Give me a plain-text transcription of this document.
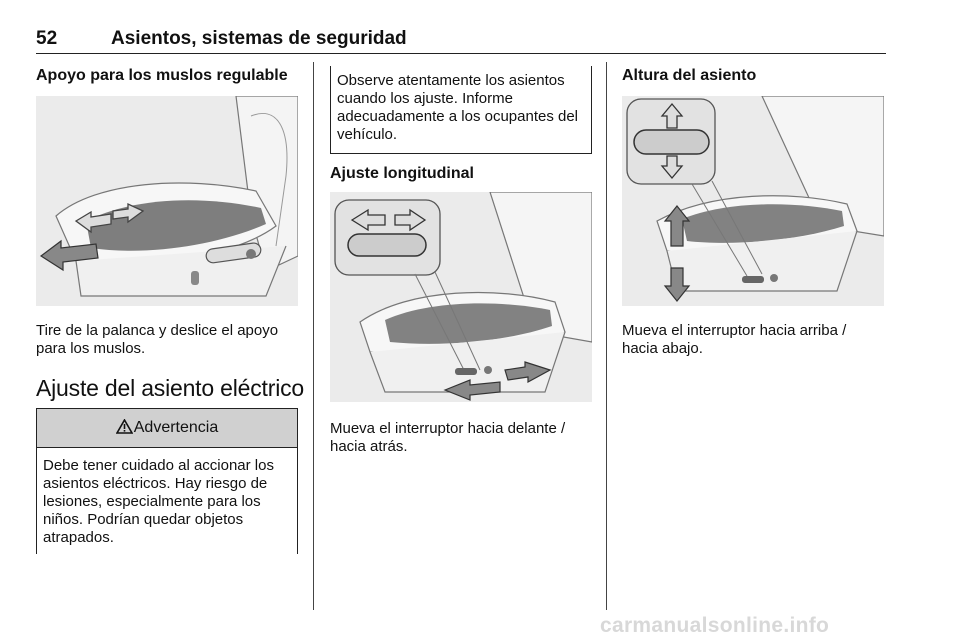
52	Asientos, sistemas de seguridad
Apoyo para los muslos regulable

Tire de la palanca y deslice el apoyo para los muslos.

Ajuste del asiento eléctrico
Advertencia
Debe tener cuidado al accionar los asientos eléctricos. Hay riesgo de lesiones, especialmente para los niños. Podrían quedar objetos atrapados.
Observe atentamente los asientos cuando los ajuste. Informe adecuadamente a los ocupantes del vehículo.
Ajuste longitudinal

Mueva el interruptor hacia delante / hacia atrás.

Altura del asiento

Mueva el interruptor hacia arriba / hacia abajo.

carmanualsonline.info
